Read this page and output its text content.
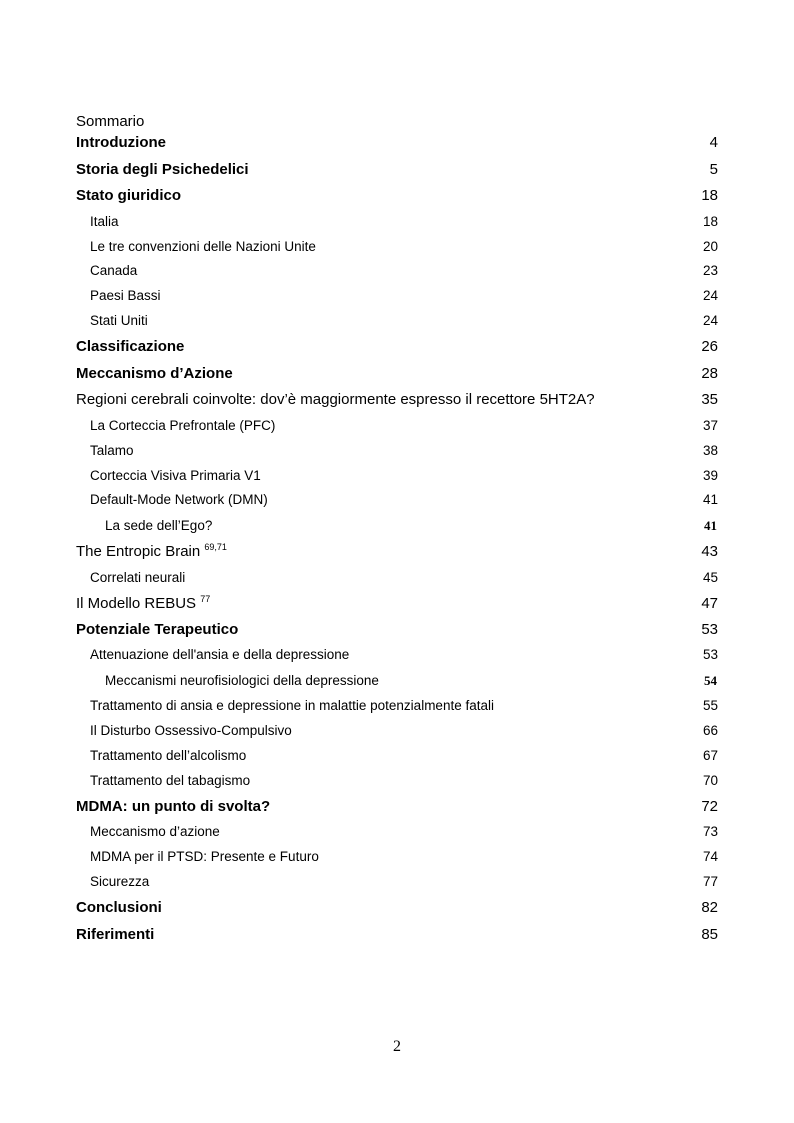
Sommario
Introduzione	4
Storia degli Psichedelici	5
Stato giuridico	18
Italia	18
Le tre convenzioni delle Nazioni Unite	20
Canada	23
Paesi Bassi	24
Stati Uniti	24
Classificazione	26
Meccanismo d’Azione	28
Regioni cerebrali coinvolte: dov’è maggiormente espresso il recettore 5HT2A?	35
La Corteccia Prefrontale (PFC)	37
Talamo	38
Corteccia Visiva Primaria V1	39
Default-Mode Network (DMN)	41
La sede dell’Ego?	41
The Entropic Brain $^{69,71}$	43
Correlati neurali	45
Il Modello REBUS $^{77}$	47
Potenziale Terapeutico	53
Attenuazione dell'ansia e della depressione	53
Meccanismi neurofisiologici della depressione	54
Trattamento di ansia e depressione in malattie potenzialmente fatali	55
Il Disturbo Ossessivo-Compulsivo	66
Trattamento dell’alcolismo	67
Trattamento del tabagismo	70
MDMA: un punto di svolta?	72
Meccanismo d’azione	73
MDMA per il PTSD: Presente e Futuro	74
Sicurezza	77
Conclusioni	82
Riferimenti	85
2
